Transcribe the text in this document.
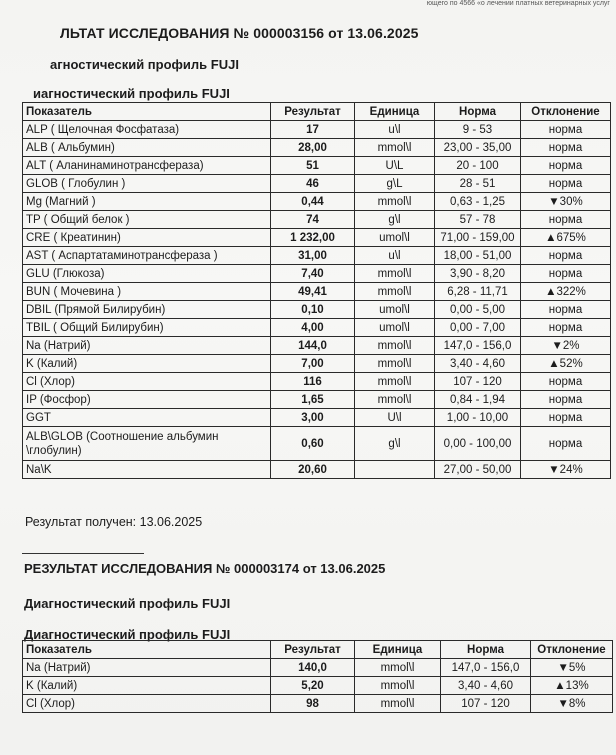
ющего по 4566 «о лечении платных ветеринарных услуг
ЛЬТАТ ИССЛЕДОВАНИЯ № 000003156 от 13.06.2025
агностический профиль FUJI
иагностический профиль FUJI
Показатель	Результат	Единица	Норма	Отклонение
ALP ( Щелочная Фосфатаза)	17	u\l	9 - 53	норма
ALB ( Альбумин)	28,00	mmol\l	23,00 - 35,00	норма
ALT ( Аланинаминотрансфераза)	51	U\L	20 - 100	норма
GLOB ( Глобулин )	46	g\L	28 - 51	норма
Mg (Магний )	0,44	mmol\l	0,63 - 1,25	▼30%
TP ( Общий белок )	74	g\l	57 - 78	норма
CRE ( Креатинин)	1 232,00	umol\l	71,00 - 159,00	▲675%
AST ( Аспартатаминотрансфераза )	31,00	u\l	18,00 - 51,00	норма
GLU (Глюкоза)	7,40	mmol\l	3,90 - 8,20	норма
BUN ( Мочевина )	49,41	mmol\l	6,28 - 11,71	▲322%
DBIL (Прямой Билирубин)	0,10	umol\l	0,00 - 5,00	норма
TBIL ( Общий Билирубин)	4,00	umol\l	0,00 - 7,00	норма
Na (Натрий)	144,0	mmol\l	147,0 - 156,0	▼2%
K (Калий)	7,00	mmol\l	3,40 - 4,60	▲52%
Cl (Хлор)	116	mmol\l	107 - 120	норма
IP (Фосфор)	1,65	mmol\l	0,84 - 1,94	норма
GGT	3,00	U\l	1,00 - 10,00	норма
ALB\GLOB (Соотношение альбумин \глобулин)	0,60	g\l	0,00 - 100,00	норма
Na\K	20,60		27,00 - 50,00	▼24%
Результат получен: 13.06.2025
РЕЗУЛЬТАТ ИССЛЕДОВАНИЯ № 000003174 от 13.06.2025
Диагностический профиль FUJI
Диагностический профиль FUJI
Показатель	Результат	Единица	Норма	Отклонение
Na (Натрий)	140,0	mmol\l	147,0 - 156,0	▼5%
K (Калий)	5,20	mmol\l	3,40 - 4,60	▲13%
Cl (Хлор)	98	mmol\l	107 - 120	▼8%
